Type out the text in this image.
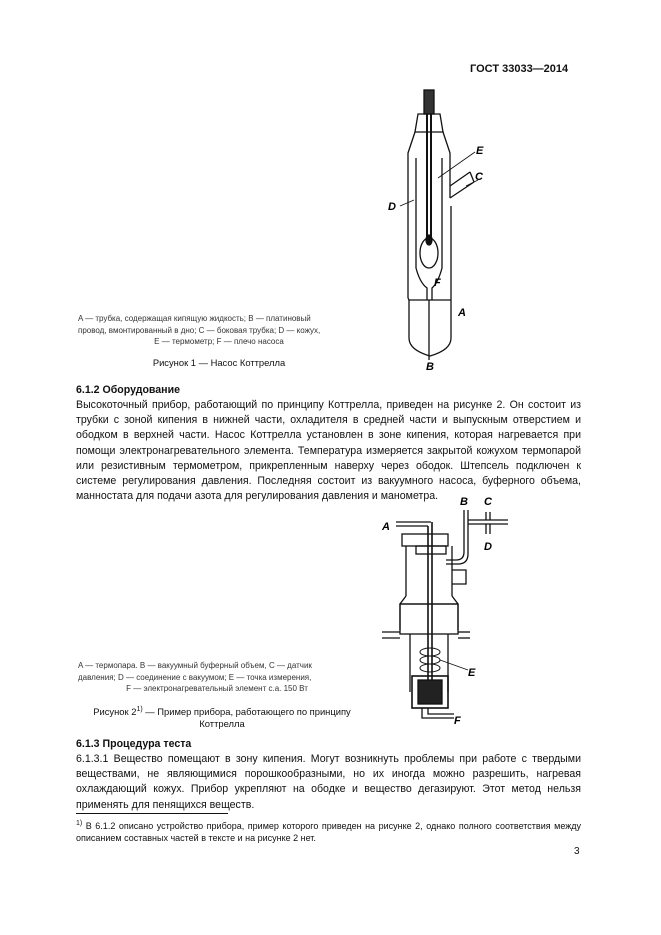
ГОСТ 33033—2014
D
E
C
F
A
B
A — трубка, содержащая кипящую жидкость; B — платиновый
провод, вмонтированный в дно; C — боковая трубка; D — кожух,
E — термометр; F — плечо насоса
Рисунок 1 — Насос Коттрелла
6.1.2 Оборудование
Высокоточный прибор, работающий по принципу Коттрелла, приведен на рисунке 2. Он состоит из трубки с зоной кипения в нижней части, охладителя в средней части и выпускным отверстием и ободком в верхней части. Насос Коттрелла установлен в зоне кипения, которая нагревается при помощи электронагревательного элемента. Температура измеряется закрытой кожухом термопарой или резистивным термометром, прикрепленным наверху через ободок. Штепсель подключен к системе регулирования давления. Последняя состоит из вакуумного насоса, буферного объема, манностата для подачи азота для регулирования давления и манометра.
A
B C
D
E
F
A — термопара. B — вакуумный буферный объем, C — датчик
давления; D — соединение с вакуумом; E — точка измерения,
F — электронагревательный элемент с.а. 150 Вт
Рисунок 2$^{1)}$ — Пример прибора, работающего по принципу
Коттрелла
6.1.3 Процедура теста
6.1.3.1 Вещество помещают в зону кипения. Могут возникнуть проблемы при работе с твердыми веществами, не являющимися порошкообразными, но их иногда можно разрешить, нагревая охлаждающий кожух. Прибор укрепляют на ободке и вещество дегазируют. Этот метод нельзя применять для пенящихся веществ.
$^{1)}$ В 6.1.2 описано устройство прибора, пример которого приведен на рисунке 2, однако полного соответствия между описанием составных частей в тексте и на рисунке 2 нет.
3
